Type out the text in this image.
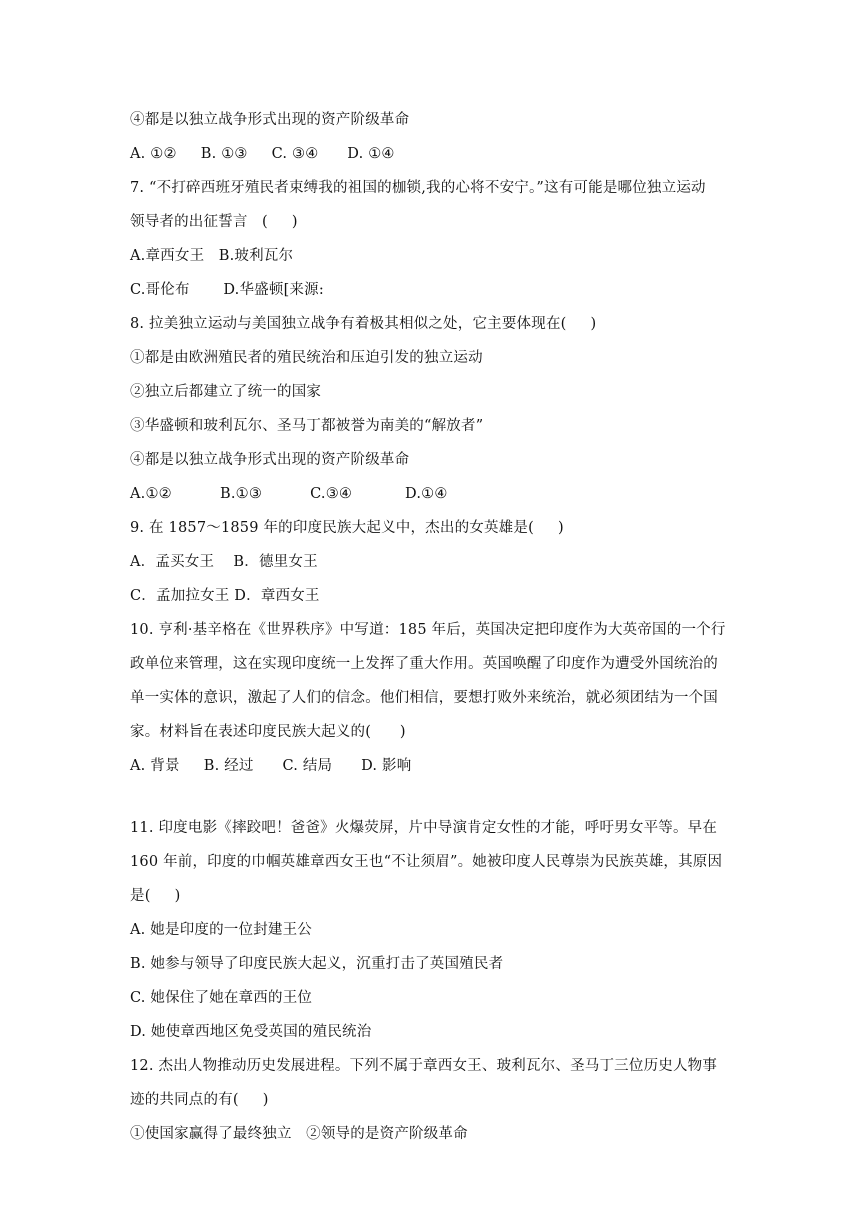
④都是以独立战争形式出现的资产阶级革命
A. ①②     B. ①③     C. ③④      D. ①④
7. “不打碎西班牙殖民者束缚我的祖国的枷锁,我的心将不安宁。”这有可能是哪位独立运动
领导者的出征誓言   (     )
A.章西女王   B.玻利瓦尔
C.哥伦布       D.华盛顿[来源:
8. 拉美独立运动与美国独立战争有着极其相似之处，它主要体现在(     )
①都是由欧洲殖民者的殖民统治和压迫引发的独立运动
②独立后都建立了统一的国家
③华盛顿和玻利瓦尔、圣马丁都被誉为南美的“解放者”
④都是以独立战争形式出现的资产阶级革命
A.①②          B.①③          C.③④           D.①④
9. 在 1857～1859 年的印度民族大起义中，杰出的女英雄是(     )
A．孟买女王    B．德里女王
C．孟加拉女王 D．章西女王
10. 亨利·基辛格在《世界秩序》中写道：185 年后，英国决定把印度作为大英帝国的一个行
政单位来管理，这在实现印度统一上发挥了重大作用。英国唤醒了印度作为遭受外国统治的
单一实体的意识，激起了人们的信念。他们相信，要想打败外来统治，就必须团结为一个国
家。材料旨在表述印度民族大起义的(      )
A. 背景     B. 经过      C. 结局      D. 影响
11. 印度电影《摔跤吧！爸爸》火爆荧屏，片中导演肯定女性的才能，呼吁男女平等。早在
160 年前，印度的巾帼英雄章西女王也“不让须眉”。她被印度人民尊崇为民族英雄，其原因
是(     )
A. 她是印度的一位封建王公
B. 她参与领导了印度民族大起义，沉重打击了英国殖民者
C. 她保住了她在章西的王位
D. 她使章西地区免受英国的殖民统治
12. 杰出人物推动历史发展进程。下列不属于章西女王、玻利瓦尔、圣马丁三位历史人物事
迹的共同点的有(     )
①使国家赢得了最终独立   ②领导的是资产阶级革命
